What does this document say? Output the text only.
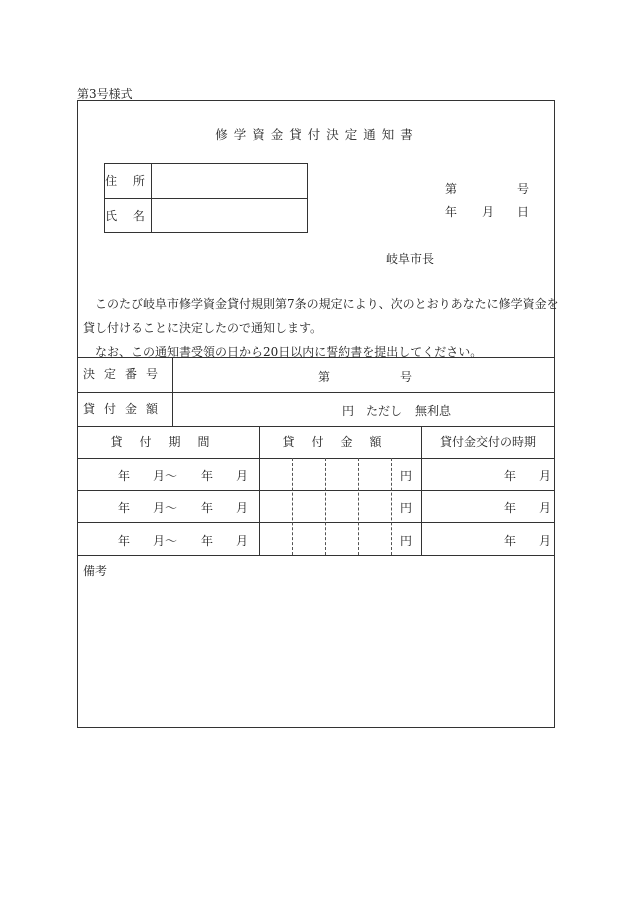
第3号様式
修学資金貸付決定通知書
住 所
氏 名
第	号
年 月 日
岐阜市長
このたび岐阜市修学資金貸付規則第7条の規定により、次のとおりあなたに修学資金を
貸し付けることに決定したので通知します。
なお、この通知書受領の日から20日以内に誓約書を提出してください。
決定番号	第	号
貸付金額	円 ただし 無利息
貸付期間	貸付金額	貸付金交付の時期
年 月〜 年 月	円	年 月
年 月〜 年 月	円	年 月
年 月〜 年 月	円	年 月
備考
